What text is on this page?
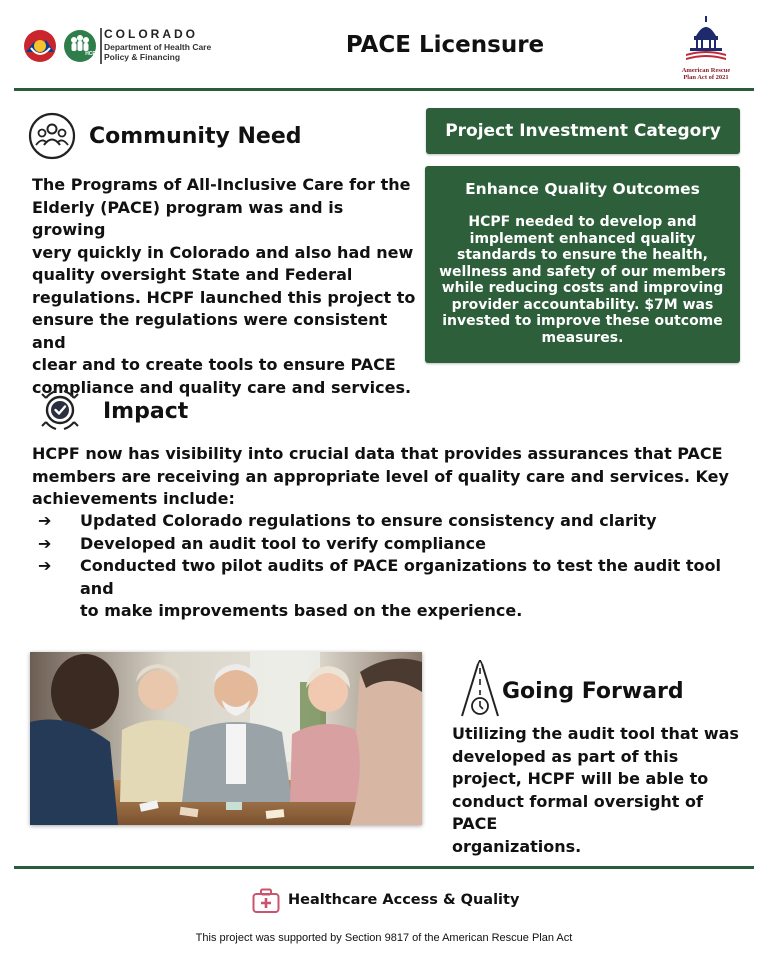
HCPF
COLORADO
Department of Health Care
Policy & Financing	PACE Licensure
American Rescue
Plan Act of 2021
Community Need
The Programs of All-Inclusive Care for the
Elderly (PACE) program was and is growing
very quickly in Colorado and also had new
quality oversight State and Federal
regulations. HCPF launched this project to
ensure the regulations were consistent and
clear and to create tools to ensure PACE
compliance and quality care and services.
Project Investment Category
Enhance Quality Outcomes
HCPF needed to develop and
implement enhanced quality
standards to ensure the health,
wellness and safety of our members
while reducing costs and improving
provider accountability. $7M was
invested to improve these outcome
measures.
Impact
HCPF now has visibility into crucial data that provides assurances that PACE
members are receiving an appropriate level of quality care and services. Key
achievements include:
➔ Updated Colorado regulations to ensure consistency and clarity
➔ Developed an audit tool to verify compliance
➔ Conducted two pilot audits of PACE organizations to test the audit tool and
to make improvements based on the experience.
Going Forward
Utilizing the audit tool that was
developed as part of this
project, HCPF will be able to
conduct formal oversight of PACE
organizations.
Healthcare Access & Quality
This project was supported by Section 9817 of the American Rescue Plan Act
